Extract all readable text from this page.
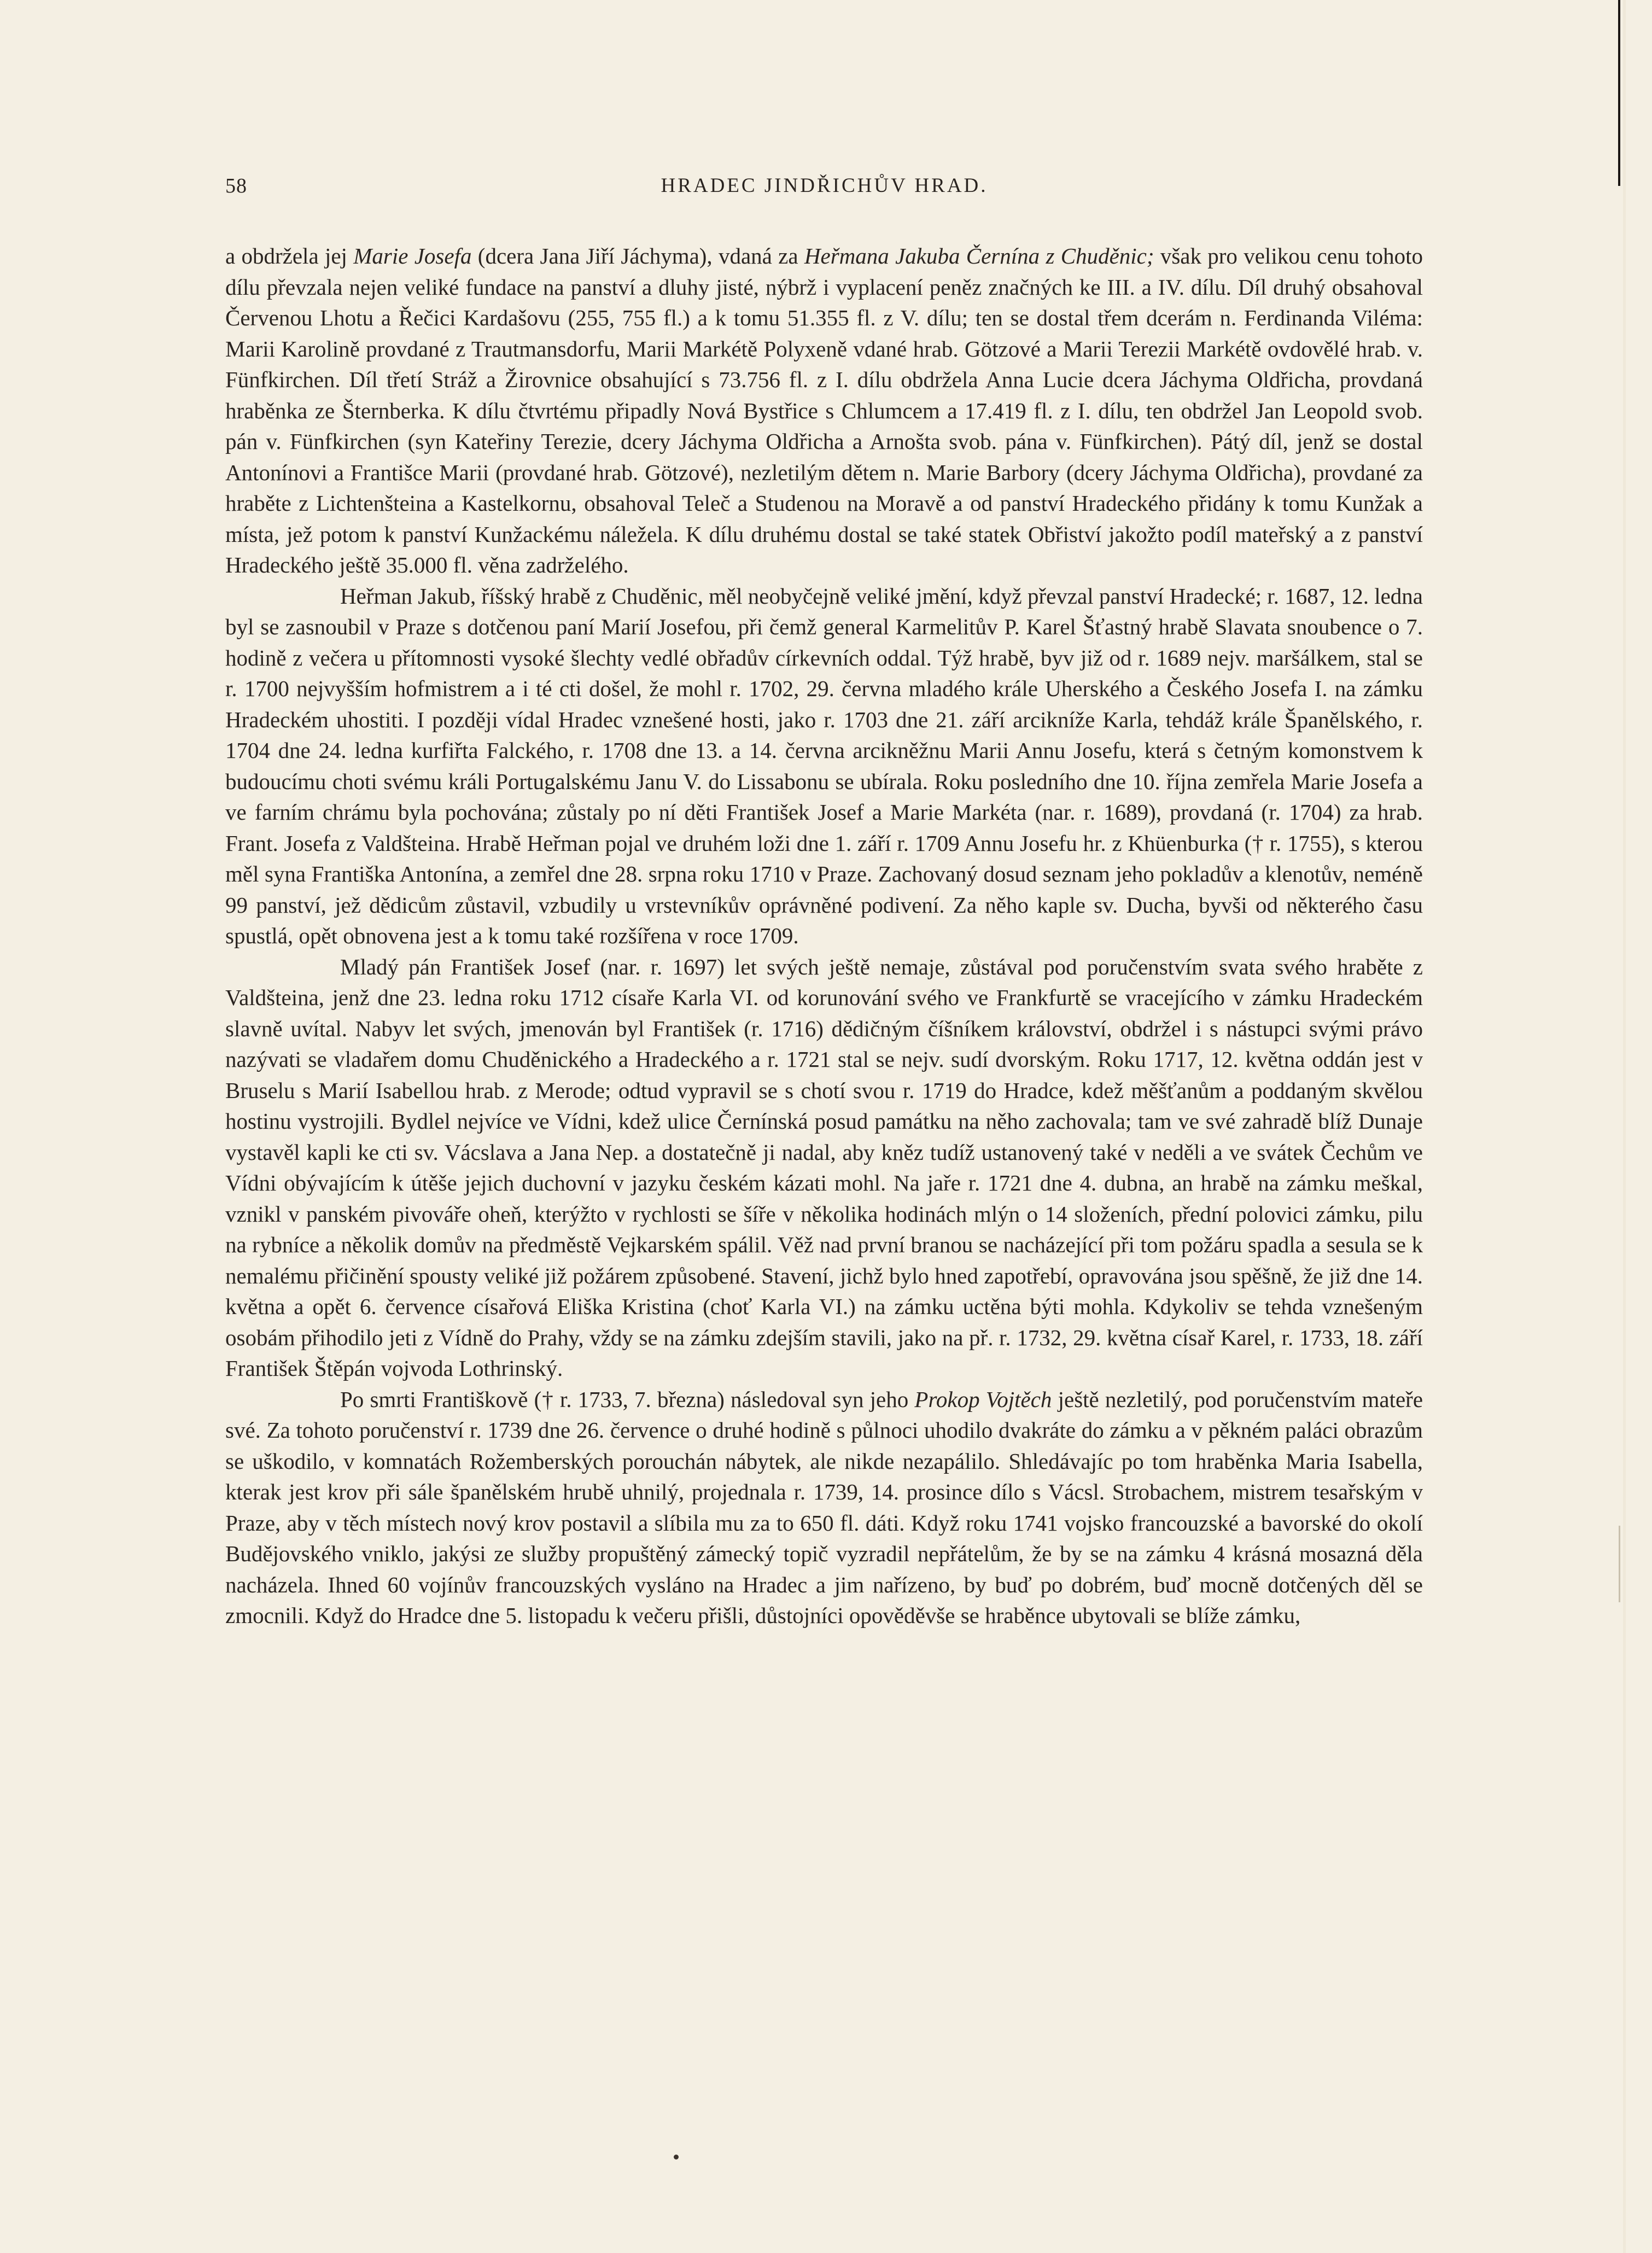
58	HRADEC JINDŘICHŮV HRAD.

a obdržela jej Marie Josefa (dcera Jana Jiří Jáchyma), vdaná za Heřmana Jakuba Černína z Chuděnic; však pro velikou cenu tohoto dílu převzala nejen veliké fundace na panství a dluhy jisté, nýbrž i vyplacení peněz značných ke III. a IV. dílu. Díl druhý obsahoval Červenou Lhotu a Řečici Kardašovu (255, 755 fl.) a k tomu 51.355 fl. z V. dílu; ten se dostal třem dcerám n. Ferdinanda Viléma: Marii Karolině provdané z Trautmansdorfu, Marii Markétě Polyxeně vdané hrab. Götzové a Marii Terezii Markétě ovdovělé hrab. v. Fünfkirchen. Díl třetí Stráž a Žirovnice obsahující s 73.756 fl. z I. dílu obdržela Anna Lucie dcera Jáchyma Oldřicha, provdaná hraběnka ze Šternberka. K dílu čtvrtému připadly Nová Bystřice s Chlumcem a 17.419 fl. z I. dílu, ten obdržel Jan Leopold svob. pán v. Fünfkirchen (syn Kateřiny Terezie, dcery Jáchyma Oldřicha a Arnošta svob. pána v. Fünfkirchen). Pátý díl, jenž se dostal Antonínovi a Františce Marii (provdané hrab. Götzové), nezletilým dětem n. Marie Barbory (dcery Jáchyma Oldřicha), provdané za hraběte z Lichtenšteina a Kastelkornu, obsahoval Teleč a Studenou na Moravě a od panství Hradeckého přidány k tomu Kunžak a místa, jež potom k panství Kunžackému náležela. K dílu druhému dostal se také statek Obřiství jakožto podíl mateřský a z panství Hradeckého ještě 35.000 fl. věna zadrželého.

Heřman Jakub, říšský hrabě z Chuděnic, měl neobyčejně veliké jmění, když převzal panství Hradecké; r. 1687, 12. ledna byl se zasnoubil v Praze s dotčenou paní Marií Josefou, při čemž general Karmelitův P. Karel Šťastný hrabě Slavata snoubence o 7. hodině z večera u přítomnosti vysoké šlechty vedlé obřadův církevních oddal. Týž hrabě, byv již od r. 1689 nejv. maršálkem, stal se r. 1700 nejvyšším hofmistrem a i té cti došel, že mohl r. 1702, 29. června mladého krále Uherského a Českého Josefa I. na zámku Hradeckém uhostiti. I později vídal Hradec vznešené hosti, jako r. 1703 dne 21. září arcikníže Karla, tehdáž krále Španělského, r. 1704 dne 24. ledna kurfiřta Falckého, r. 1708 dne 13. a 14. června arcikněžnu Marii Annu Josefu, která s četným komonstvem k budoucímu choti svému králi Portugalskému Janu V. do Lissabonu se ubírala. Roku posledního dne 10. října zemřela Marie Josefa a ve farním chrámu byla pochována; zůstaly po ní děti František Josef a Marie Markéta (nar. r. 1689), provdaná (r. 1704) za hrab. Frant. Josefa z Valdšteina. Hrabě Heřman pojal ve druhém loži dne 1. září r. 1709 Annu Josefu hr. z Khüenburka († r. 1755), s kterou měl syna Františka Antonína, a zemřel dne 28. srpna roku 1710 v Praze. Zachovaný dosud seznam jeho pokladův a klenotův, neméně 99 panství, jež dědicům zůstavil, vzbudily u vrstevníkův oprávněné podivení. Za něho kaple sv. Ducha, byvši od některého času spustlá, opět obnovena jest a k tomu také rozšířena v roce 1709.

Mladý pán František Josef (nar. r. 1697) let svých ještě nemaje, zůstával pod poručenstvím svata svého hraběte z Valdšteina, jenž dne 23. ledna roku 1712 císaře Karla VI. od korunování svého ve Frankfurtě se vracejícího v zámku Hradeckém slavně uvítal. Nabyv let svých, jmenován byl František (r. 1716) dědičným číšníkem království, obdržel i s nástupci svými právo nazývati se vladařem domu Chuděnického a Hradeckého a r. 1721 stal se nejv. sudí dvorským. Roku 1717, 12. května oddán jest v Bruselu s Marií Isabellou hrab. z Merode; odtud vypravil se s chotí svou r. 1719 do Hradce, kdež měšťanům a poddaným skvělou hostinu vystrojili. Bydlel nejvíce ve Vídni, kdež ulice Černínská posud památku na něho zachovala; tam ve své zahradě blíž Dunaje vystavěl kapli ke cti sv. Vácslava a Jana Nep. a dostatečně ji nadal, aby kněz tudíž ustanovený také v neděli a ve svátek Čechům ve Vídni obývajícím k útěše jejich duchovní v jazyku českém kázati mohl. Na jaře r. 1721 dne 4. dubna, an hrabě na zámku meškal, vznikl v panském pivováře oheň, kterýžto v rychlosti se šíře v několika hodinách mlýn o 14 složeních, přední polovici zámku, pilu na rybníce a několik domův na předměstě Vejkarském spálil. Věž nad první branou se nacházející při tom požáru spadla a sesula se k nemalému přičinění spousty veliké již požárem způsobené. Stavení, jichž bylo hned zapotřebí, opravována jsou spěšně, že již dne 14. května a opět 6. července císařová Eliška Kristina (choť Karla VI.) na zámku uctěna býti mohla. Kdykoliv se tehda vznešeným osobám přihodilo jeti z Vídně do Prahy, vždy se na zámku zdejším stavili, jako na př. r. 1732, 29. května císař Karel, r. 1733, 18. září František Štěpán vojvoda Lothrinský.

Po smrti Františkově († r. 1733, 7. března) následoval syn jeho Prokop Vojtěch ještě nezletilý, pod poručenstvím mateře své. Za tohoto poručenství r. 1739 dne 26. července o druhé hodině s půlnoci uhodilo dvakráte do zámku a v pěkném paláci obrazům se uškodilo, v komnatách Rožemberských porouchán nábytek, ale nikde nezapálilo. Shledávajíc po tom hraběnka Maria Isabella, kterak jest krov při sále španělském hrubě uhnilý, projednala r. 1739, 14. prosince dílo s Vácsl. Strobachem, mistrem tesařským v Praze, aby v těch místech nový krov postavil a slíbila mu za to 650 fl. dáti. Když roku 1741 vojsko francouzské a bavorské do okolí Budějovského vniklo, jakýsi ze služby propuštěný zámecký topič vyzradil nepřátelům, že by se na zámku 4 krásná mosazná děla nacházela. Ihned 60 vojínův francouzských vysláno na Hradec a jim nařízeno, by buď po dobrém, buď mocně dotčených děl se zmocnili. Když do Hradce dne 5. listopadu k večeru přišli, důstojníci opověděvše se hraběnce ubytovali se blíže zámku,
